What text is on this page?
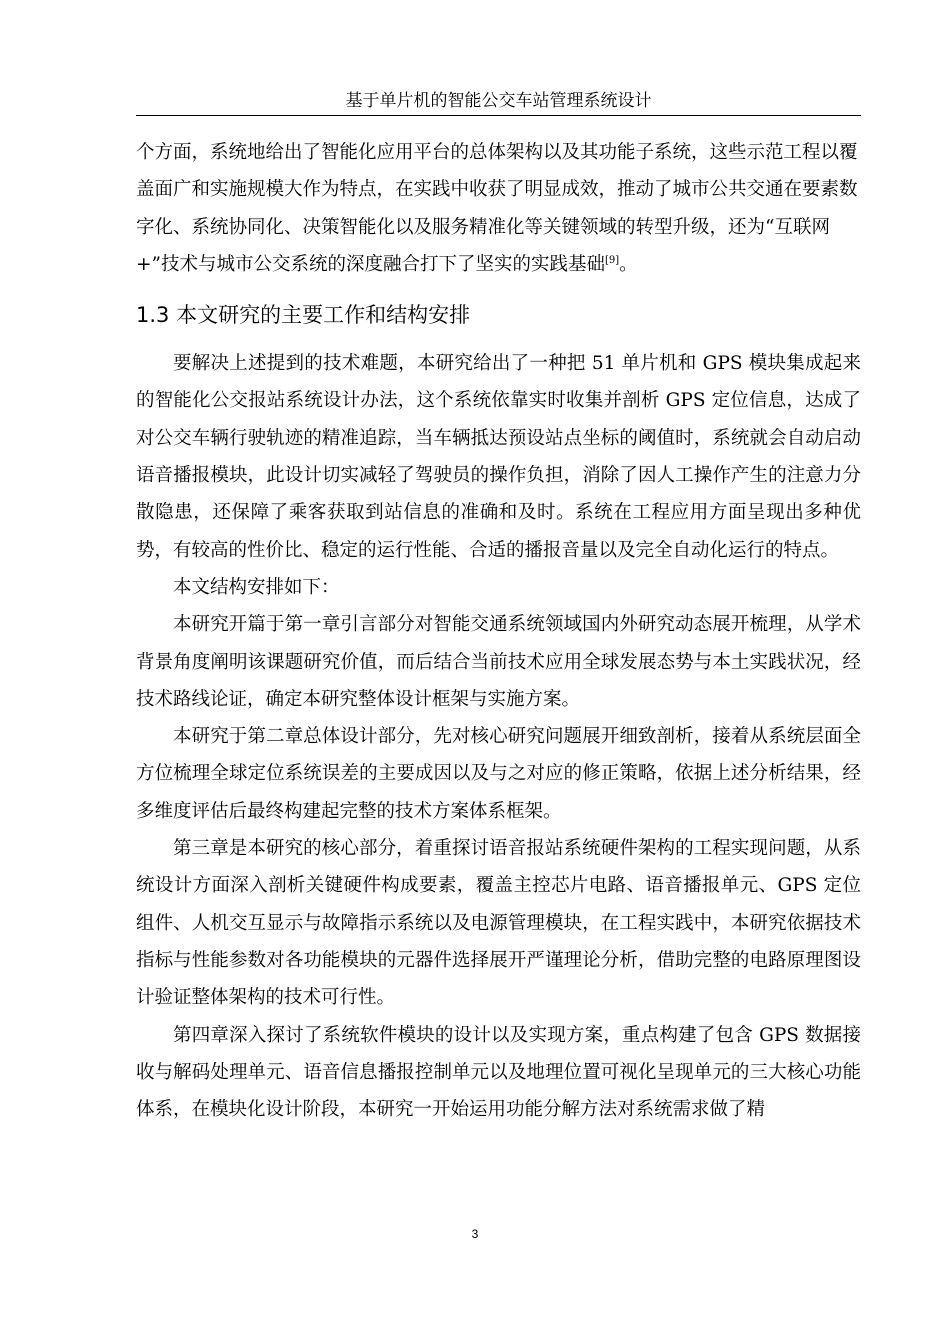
基于单片机的智能公交车站管理系统设计

个方面，系统地给出了智能化应用平台的总体架构以及其功能子系统，这些示范工程以覆盖面广和实施规模大作为特点，在实践中收获了明显成效，推动了城市公共交通在要素数字化、系统协同化、决策智能化以及服务精准化等关键领域的转型升级，还为“互联网+”技术与城市公交系统的深度融合打下了坚实的实践基础[9]。

1.3 本文研究的主要工作和结构安排

要解决上述提到的技术难题，本研究给出了一种把 51 单片机和 GPS 模块集成起来的智能化公交报站系统设计办法，这个系统依靠实时收集并剖析 GPS 定位信息，达成了对公交车辆行驶轨迹的精准追踪，当车辆抵达预设站点坐标的阈值时，系统就会自动启动语音播报模块，此设计切实减轻了驾驶员的操作负担，消除了因人工操作产生的注意力分散隐患，还保障了乘客获取到站信息的准确和及时。系统在工程应用方面呈现出多种优势，有较高的性价比、稳定的运行性能、合适的播报音量以及完全自动化运行的特点。

本文结构安排如下：

本研究开篇于第一章引言部分对智能交通系统领域国内外研究动态展开梳理，从学术背景角度阐明该课题研究价值，而后结合当前技术应用全球发展态势与本土实践状况，经技术路线论证，确定本研究整体设计框架与实施方案。

本研究于第二章总体设计部分，先对核心研究问题展开细致剖析，接着从系统层面全方位梳理全球定位系统误差的主要成因以及与之对应的修正策略，依据上述分析结果，经多维度评估后最终构建起完整的技术方案体系框架。

第三章是本研究的核心部分，着重探讨语音报站系统硬件架构的工程实现问题，从系统设计方面深入剖析关键硬件构成要素，覆盖主控芯片电路、语音播报单元、GPS 定位组件、人机交互显示与故障指示系统以及电源管理模块，在工程实践中，本研究依据技术指标与性能参数对各功能模块的元器件选择展开严谨理论分析，借助完整的电路原理图设计验证整体架构的技术可行性。

第四章深入探讨了系统软件模块的设计以及实现方案，重点构建了包含 GPS 数据接收与解码处理单元、语音信息播报控制单元以及地理位置可视化呈现单元的三大核心功能体系，在模块化设计阶段，本研究一开始运用功能分解方法对系统需求做了精

3
